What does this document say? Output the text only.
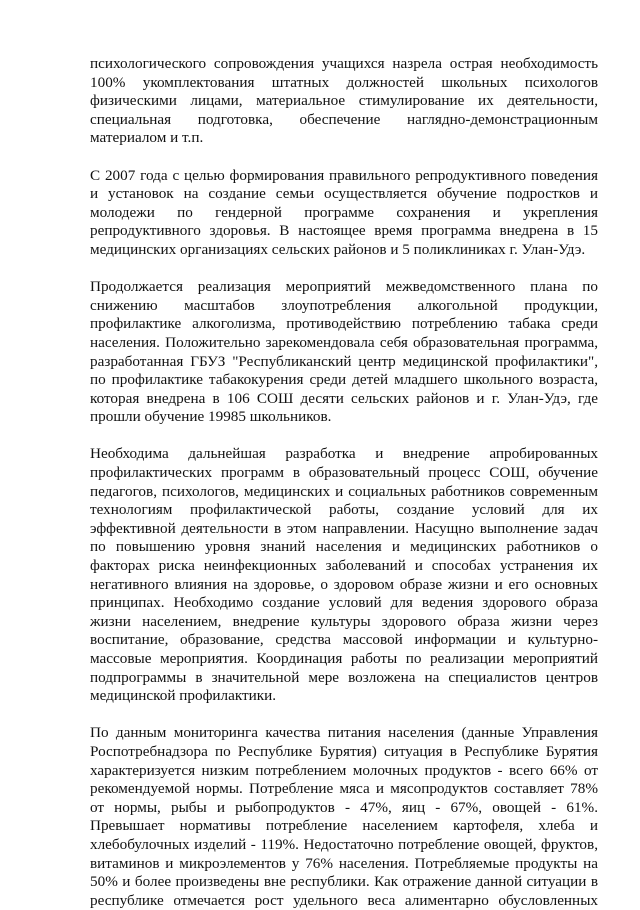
психологического сопровождения учащихся назрела острая необходимость 100% укомплектования штатных должностей школьных психологов физическими лицами, материальное стимулирование их деятельности, специальная подготовка, обеспечение наглядно-демонстрационным материалом и т.п.

С 2007 года с целью формирования правильного репродуктивного поведения и установок на создание семьи осуществляется обучение подростков и молодежи по гендерной программе сохранения и укрепления репродуктивного здоровья. В настоящее время программа внедрена в 15 медицинских организациях сельских районов и 5 поликлиниках г. Улан-Удэ.

Продолжается реализация мероприятий межведомственного плана по снижению масштабов злоупотребления алкогольной продукции, профилактике алкоголизма, противодействию потреблению табака среди населения. Положительно зарекомендовала себя образовательная программа, разработанная ГБУЗ "Республиканский центр медицинской профилактики", по профилактике табакокурения среди детей младшего школьного возраста, которая внедрена в 106 СОШ десяти сельских районов и г. Улан-Удэ, где прошли обучение 19985 школьников.

Необходима дальнейшая разработка и внедрение апробированных профилактических программ в образовательный процесс СОШ, обучение педагогов, психологов, медицинских и социальных работников современным технологиям профилактической работы, создание условий для их эффективной деятельности в этом направлении. Насущно выполнение задач по повышению уровня знаний населения и медицинских работников о факторах риска неинфекционных заболеваний и способах устранения их негативного влияния на здоровье, о здоровом образе жизни и его основных принципах. Необходимо создание условий для ведения здорового образа жизни населением, внедрение культуры здорового образа жизни через воспитание, образование, средства массовой информации и культурно-массовые мероприятия. Координация работы по реализации мероприятий подпрограммы в значительной мере возложена на специалистов центров медицинской профилактики.

По данным мониторинга качества питания населения (данные Управления Роспотребнадзора по Республике Бурятия) ситуация в Республике Бурятия характеризуется низким потреблением молочных продуктов - всего 66% от рекомендуемой нормы. Потребление мяса и мясопродуктов составляет 78% от нормы, рыбы и рыбопродуктов - 47%, яиц - 67%, овощей - 61%. Превышает нормативы потребление населением картофеля, хлеба и хлебобулочных изделий - 119%. Недостаточно потребление овощей, фруктов, витаминов и микроэлементов у 76% населения. Потребляемые продукты на 50% и более произведены вне республики. Как отражение данной ситуации в республике отмечается рост удельного веса алиментарно обусловленных
